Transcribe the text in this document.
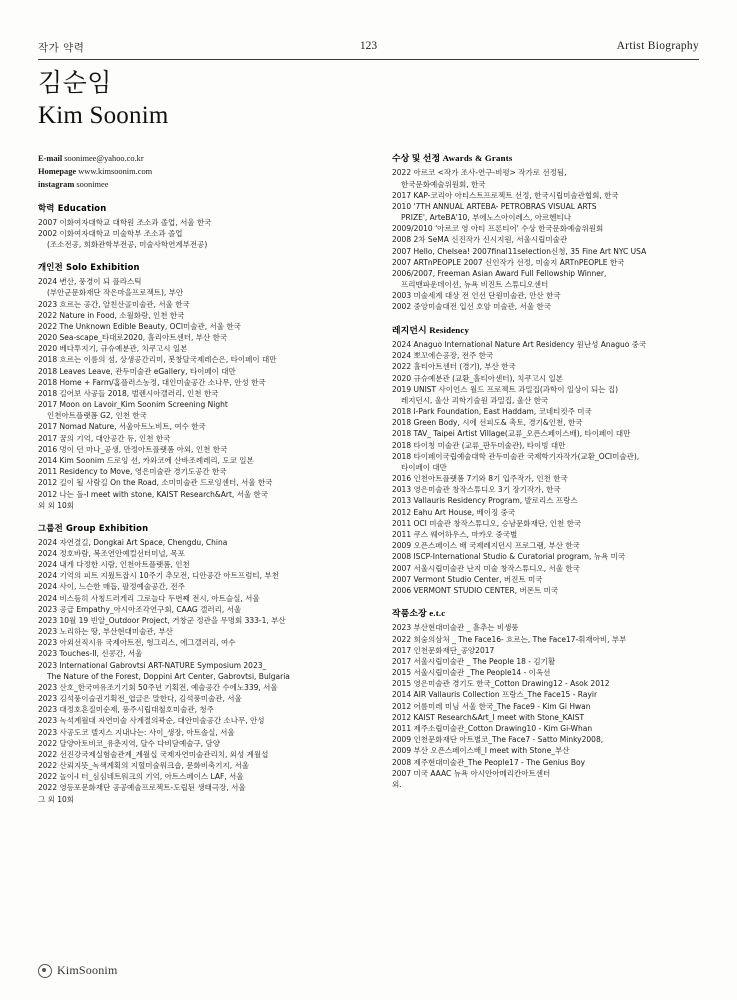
작가 약력	123	Artist Biography
김순임
Kim Soonim
E-mail soonimee@yahoo.co.kr
Homepage www.kimsoonim.com
instagram soonimee
학력 Education
2007 이화여자대학교 대학원 조소과 졸업, 서울 한국
2002 이화여자대학교 미술학부 조소과 졸업
(조소전공, 희화관학부전공, 미술사학연계부전공)
개인전 Solo Exhibition
2024 변산, 풍경이 되 플라스틱
(부안군문화재단 작은마을프로젝트), 부안
2023 흐르는 공간, 알친산골미술관, 서울 한국
2022 Nature in Food, 소월화랑, 인천 한국
2022 The Unknown Edible Beauty, OCI미술관, 서울 한국
2020 Sea-scape_타대로2020, 홀리아트센터, 부산 한국
2020 베다투지기, 규슈예분관, 치쿠고시 일본
2018 흐르는 이름의 섬, 상생공간리미, 봇창달국제레슨은, 타이페이 대만
2018 Leaves Leave, 관두미술관 eGallery, 타이페이 대만
2018 Home + Farm/홈플러스농정, 대인미술공간 소나무, 안성 한국
2018 길어보 사공들 2018, 벌렌시아갤러리, 인천 한국
2017 Moon on Lavoir_Kim Soonim Screening Night
인천아트플랫폼 G2, 인천 한국
2017 Nomad Nature, 서울아트노비트, 여수 한국
2017 꿈의 기억, 대안공간 듀, 인천 한국
2016 멍이 던 마나_공생, 만정아트플랫폼 아외, 인천 한국
2014 Kim Soonim 드로잉 션, 카와코에 산바조례레리, 도쿄 일본
2011 Residency to Move, 영은미술관 경기도공간 한국
2012 길이 될 사람길 On the Road, 소미미술관 드로잉센터, 서울 한국
2012 나는 돌-I meet with stone, KAIST Research&Art, 서울 한국
외 외 10회
그룹전 Group Exhibition
2024 자연결길, Dongkai Art Space, Chengdu, China
2024 정호바람, 복조연안예컬선터미널, 목포
2024 내게 다정한 시람, 인천아트플랫폼, 인천
2024 기억의 피트 지웠트잡시 10주기 추모전, 디안공간 아트프럼티, 부천
2024 사이, 느슨한 매듭, 팔정예술공간, 전주
2024 비스듬히 사칭드러게리 그로늘다 두번째 전시, 아트슬실, 서울
2023 공급 Empathy_아시아조각연구회, CAAG 갤러리, 서울
2023 10월 19 빈알_Outdoor Project, 거창군 정관을 무명회 333-1, 부산
2023 노리하는 땅, 부산현대미술관, 부산
2023 아외선직시유 국제아트전, 헝그리스, 에그갤러리, 여수
2023 Touches-II, 신콩간, 서울
2023 International Gabrovtsi ART-NATURE Symposium 2023_
The Nature of the Forest, Doppini Art Center, Gabrovtsi, Bulgaria
2023 산호_한국여유조기기회 50주년 기획전, 예술공간 수에노339, 서울
2023 김석풍이슬권기획전_엽글은 말한다, 김석풍미술관, 서울
2023 대정호혼질미순제, 풍주시립대철호미술관, 청주
2023 녹석계월대 자연미술 사계절의곽순, 대안미술공간 소나무, 안성
2023 사공도코 델지스 지내나는: 사이_생장, 아트솔실, 서울
2022 달양아토비코_유춘지역, 달수 다비담예술구, 담양
2022 선진강국제실험술관계_계월십 국제자연미술관리치, 외성 계월섭
2022 산뢰지뜻_녹색계획의 지혈미술워크숍, 문화비축기지, 서울
2022 놀이-I 터_심심네트워크의 기억, 아트스페이스 LAF, 서울
2022 영등포문화재단 공공예술프로젝트-도립된 생태극장, 서울
그 외 10회
수상 및 선정 Awards & Grants
2022 아르코 <작가 조사-연구-비평> 작가로 선정됨,
한국문화예술위원회, 한국
2017 KAP-코리아 아티스트프로젝트 선정, 한국시립미술관협회, 한국
2010 '7TH ANNUAL ARTEBA- PETROBRAS VISUAL ARTS
PRIZE', ArteBA'10, 부에노스아이레스, 아르헨티나
2009/2010 '아르코 영 아티 프론티어' 수상 한국문화예술위원회
2008 2차 SeMA 신진작가 신시지원, 서울시립미술관
2007 Hello, Chelsea! 2007final11selection신청, 35 Fine Art NYC USA
2007 ARTnPEOPLE 2007 신인작가 선정, 미술지 ARTnPEOPLE 한국
2006/2007, Freeman Asian Award Full Fellowship Winner,
프리맨파운데이션, 뉴욕 비진트 스튜디오센터
2003 미술세계 대상 전 인선 단원미술관, 안산 한국
2002 중앙미술대전 입선 호암 미술관, 서울 한국
레지던시 Residency
2024 Anaguo International Nature Art Residency 원난성 Anaguo 중국
2024 뽀꼬에슨공장, 전주 한국
2022 홀티아트센터 (경기), 부산 한국
2020 규슈예분관 (교환_홀티아센터), 치쿠고시 일본
2019 UNIST 사이언스 월드 프로젝트 과밀집(과학이 일상이 되는 집)
레지던시, 울산 괴학기술원 과밀집, 울산 한국
2018 I-Park Foundation, East Haddam, 코네티컷주 미국
2018 Green Body, 시에 선피도& 촉토, 경기&인천, 한국
2018 TAV_ Taipei Artist Village(교류_오픈스페이스배), 타이페이 대만
2018 타이칭 미술관 (교류_판두미술관), 타이빙 대만
2018 타이페이국립예술대학 관두미술관 국제학기자작가(교환_OCI미술관),
타이페이 대만
2016 인천아트플랫폼 7기와 8기 입주작가, 인천 한국
2013 영은미술관 창작스튜디오 3기 장기작가, 한국
2013 Vallauris Residency Program, 발로리스 프랑스
2012 Eahu Art House, 베이징 중국
2011 OCI 미술관 창작스튜디오, 승남문화재단, 인천 한국
2011 쿠스 웨어하우스, 마카오 중국별
2009 오픈스페이스 배 국제레지던시 프로그램, 부산 한국
2008 ISCP-International Studio & Curatorial program, 뉴욕 미국
2007 서울시립미술관 난지 미술 창작스튜디오, 서울 한국
2007 Vermont Studio Center, 버진트 미국
2006 VERMONT STUDIO CENTER, 버몬트 미국
작품소장 e.t.c
2023 부산현대미술관 _ 흩추는 비생풍
2022 희숨의삼처 _ The Face16- 흐르는, The Face17-휘재아비, 부부
2017 인천문화재단_공양2017
2017 서울시립미술관 _ The People 18 - 김기활
2015 서울시립미술관 _The People14 - 이옥선
2015 영은미술관 경기도 한국_Cotton Drawing12 - Asok 2012
2014 AIR Vallauris Collection 프랑스_The Face15 - Rayir
2012 어름미레 미님 서울 한국_The Face9 - Kim Gi Hwan
2012 KAIST Research&Art_I meet with Stone_KAIST
2011 제주소립미술관_Cotton Drawing10 - Kim Gi-Whan
2009 인천문화재단 아트별코_The Face7 - Satto Minky2008,
2009 부산 오픈스페이스배_I meet with Stone_부산
2008 제주현대미술관_The People17 - The Genius Boy
2007 미국 AAAC 뉴욕 아시안아메리칸아트센터
외.
KimSoonim
